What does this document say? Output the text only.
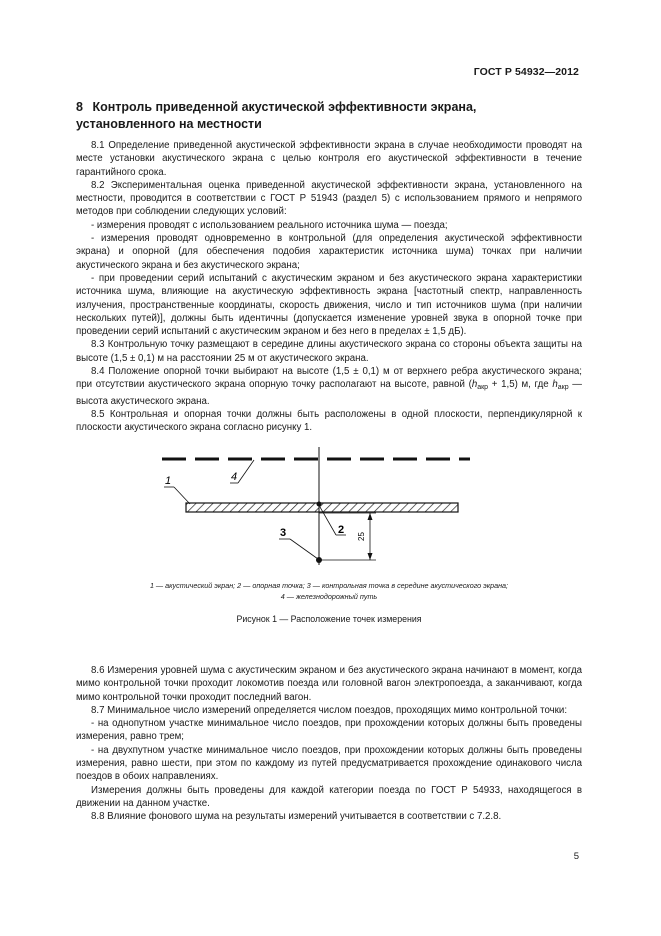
ГОСТ Р 54932—2012
8 Контроль приведенной акустической эффективности экрана,
установленного на местности

8.1 Определение приведенной акустической эффективности экрана в случае необходимости проводят на месте установки акустического экрана с целью контроля его акустической эффективности в течение гарантийного срока.

8.2 Экспериментальная оценка приведенной акустической эффективности экрана, установленного на местности, проводится в соответствии с ГОСТ Р 51943 (раздел 5) с использованием прямого и непрямого методов при соблюдении следующих условий:

- измерения проводят с использованием реального источника шума — поезда;

- измерения проводят одновременно в контрольной (для определения акустической эффективности экрана) и опорной (для обеспечения подобия характеристик источника шума) точках при наличии акустического экрана и без акустического экрана;

- при проведении серий испытаний с акустическим экраном и без акустического экрана характеристики источника шума, влияющие на акустическую эффективность экрана [частотный спектр, направленность излучения, пространственные координаты, скорость движения, число и тип источников шума (при наличии нескольких путей)], должны быть идентичны (допускается изменение уровней звука в опорной точке при проведении серий испытаний с акустическим экраном и без него в пределах ± 1,5 дБ).

8.3 Контрольную точку размещают в середине длины акустического экрана со стороны объекта защиты на высоте (1,5 ± 0,1) м на расстоянии 25 м от акустического экрана.

8.4 Положение опорной точки выбирают на высоте (1,5 ± 0,1) м от верхнего ребра акустического экрана; при отсутствии акустического экрана опорную точку располагают на высоте, равной $(h_{акр} + 1,5)$ м, где $h_{акр}$ — высота акустического экрана.

8.5 Контрольная и опорная точки должны быть расположены в одной плоскости, перпендикулярной к плоскости акустического экрана согласно рисунку 1.

25
1	4
2
3
1 — акустический экран; 2 — опорная точка; 3 — контрольная точка в середине акустического экрана;
4 — железнодорожный путь
Рисунок 1 — Расположение точек измерения

8.6 Измерения уровней шума с акустическим экраном и без акустического экрана начинают в момент, когда мимо контрольной точки проходит локомотив поезда или головной вагон электропоезда, а заканчивают, когда мимо контрольной точки проходит последний вагон.

8.7 Минимальное число измерений определяется числом поездов, проходящих мимо контрольной точки:

- на однопутном участке минимальное число поездов, при прохождении которых должны быть проведены измерения, равно трем;

- на двухпутном участке минимальное число поездов, при прохождении которых должны быть проведены измерения, равно шести, при этом по каждому из путей предусматривается прохождение одинакового числа поездов в обоих направлениях.

Измерения должны быть проведены для каждой категории поезда по ГОСТ Р 54933, находящегося в движении на данном участке.

8.8 Влияние фонового шума на результаты измерений учитывается в соответствии с 7.2.8.

5
